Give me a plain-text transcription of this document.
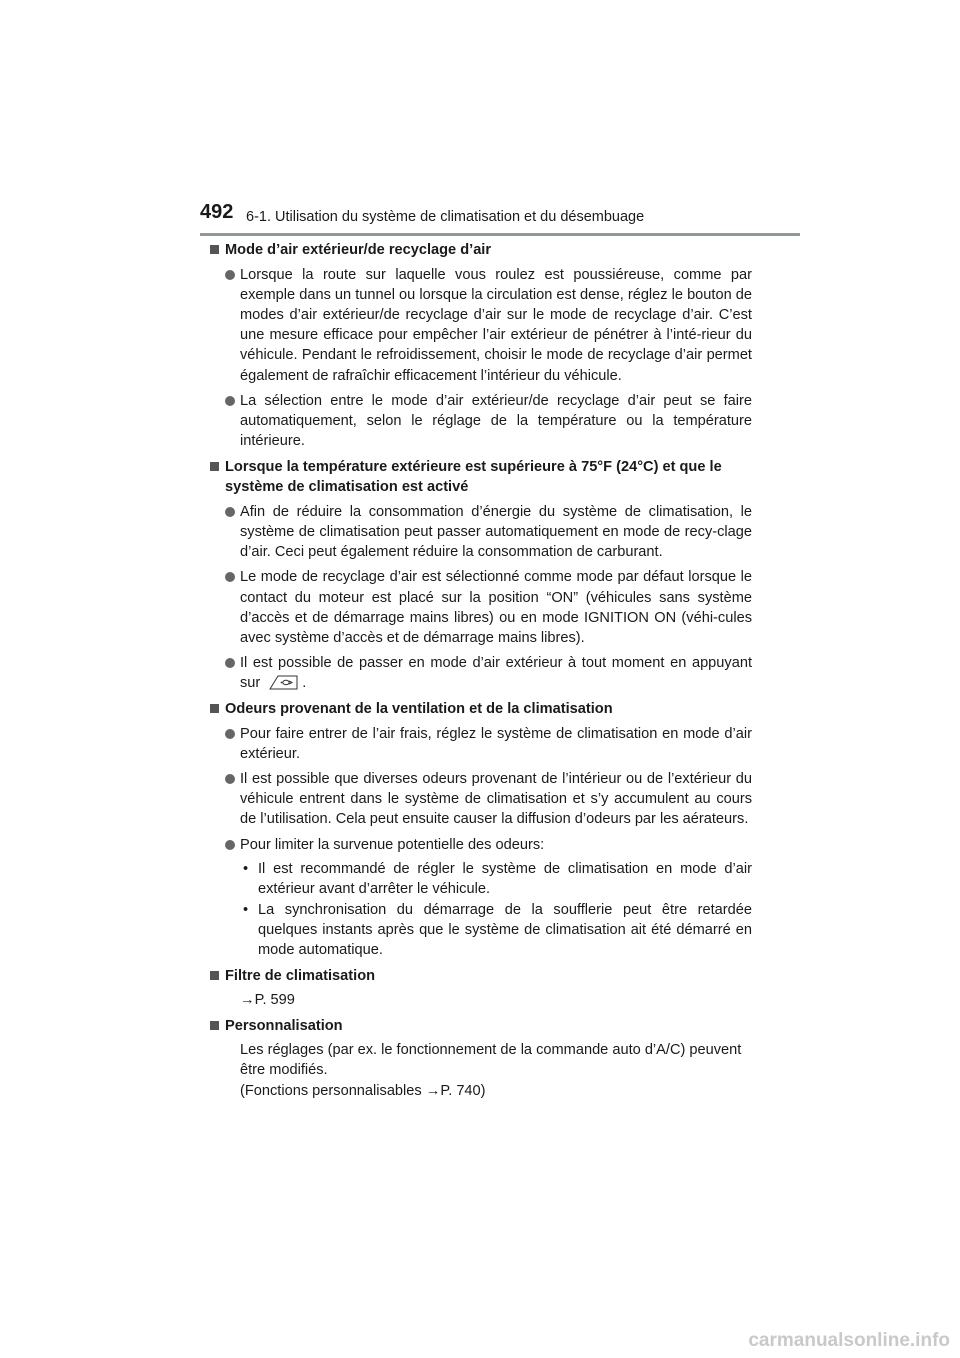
492 6-1. Utilisation du système de climatisation et du désembuage
Mode d’air extérieur/de recyclage d’air
Lorsque la route sur laquelle vous roulez est poussiéreuse, comme par exemple dans un tunnel ou lorsque la circulation est dense, réglez le bouton de modes d’air extérieur/de recyclage d’air sur le mode de recyclage d’air. C’est une mesure efficace pour empêcher l’air extérieur de pénétrer à l’inté-rieur du véhicule. Pendant le refroidissement, choisir le mode de recyclage d’air permet également de rafraîchir efficacement l’intérieur du véhicule.
La sélection entre le mode d’air extérieur/de recyclage d’air peut se faire automatiquement, selon le réglage de la température ou la température intérieure.
Lorsque la température extérieure est supérieure à 75°F (24°C) et que le système de climatisation est activé
Afin de réduire la consommation d’énergie du système de climatisation, le système de climatisation peut passer automatiquement en mode de recy-clage d’air. Ceci peut également réduire la consommation de carburant.
Le mode de recyclage d’air est sélectionné comme mode par défaut lorsque le contact du moteur est placé sur la position “ON” (véhicules sans système d’accès et de démarrage mains libres) ou en mode IGNITION ON (véhi-cules avec système d’accès et de démarrage mains libres).
Il est possible de passer en mode d’air extérieur à tout moment en appuyant sur	.
Odeurs provenant de la ventilation et de la climatisation
Pour faire entrer de l’air frais, réglez le système de climatisation en mode d’air extérieur.
Il est possible que diverses odeurs provenant de l’intérieur ou de l’extérieur du véhicule entrent dans le système de climatisation et s’y accumulent au cours de l’utilisation. Cela peut ensuite causer la diffusion d’odeurs par les aérateurs.
Pour limiter la survenue potentielle des odeurs:
• Il est recommandé de régler le système de climatisation en mode d’air extérieur avant d’arrêter le véhicule.
• La synchronisation du démarrage de la soufflerie peut être retardée quelques instants après que le système de climatisation ait été démarré en mode automatique.
Filtre de climatisation
→P. 599
Personnalisation
Les réglages (par ex. le fonctionnement de la commande auto d’A/C) peuvent être modifiés.
(Fonctions personnalisables →P. 740)
carmanualsonline.info
